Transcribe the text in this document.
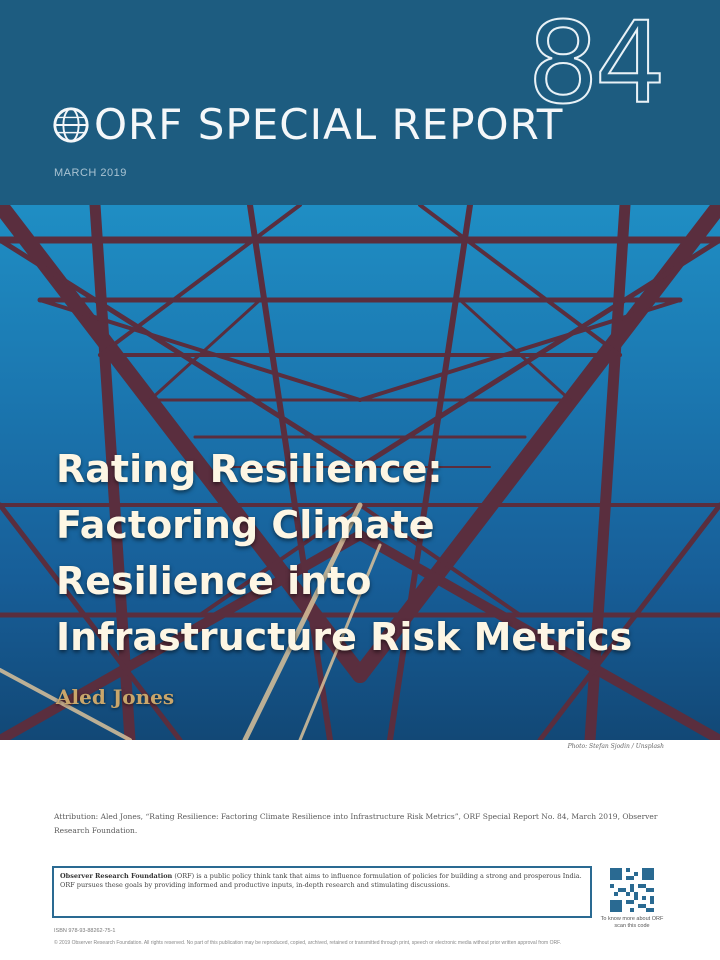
84
ORF SPECIAL REPORT
MARCH 2019
Rating Resilience:
Factoring Climate
Resilience into
Infrastructure Risk Metrics
Aled Jones
Photo: Stefan Sjodin / Unsplash

Attribution: Aled Jones, “Rating Resilience: Factoring Climate Resilience into Infrastructure Risk Metrics”, ORF Special Report No. 84, March 2019, Observer Research Foundation.

Observer Research Foundation (ORF) is a public policy think tank that aims to influence formulation of policies for building a strong and prosperous India. ORF pursues these goals by providing informed and productive inputs, in-depth research and stimulating discussions.
To know more about ORF scan this code
ISBN 978-93-88262-75-1
© 2019 Observer Research Foundation. All rights reserved. No part of this publication may be reproduced, copied, archived, retained or transmitted through print, speech or electronic media without prior written approval from ORF.
